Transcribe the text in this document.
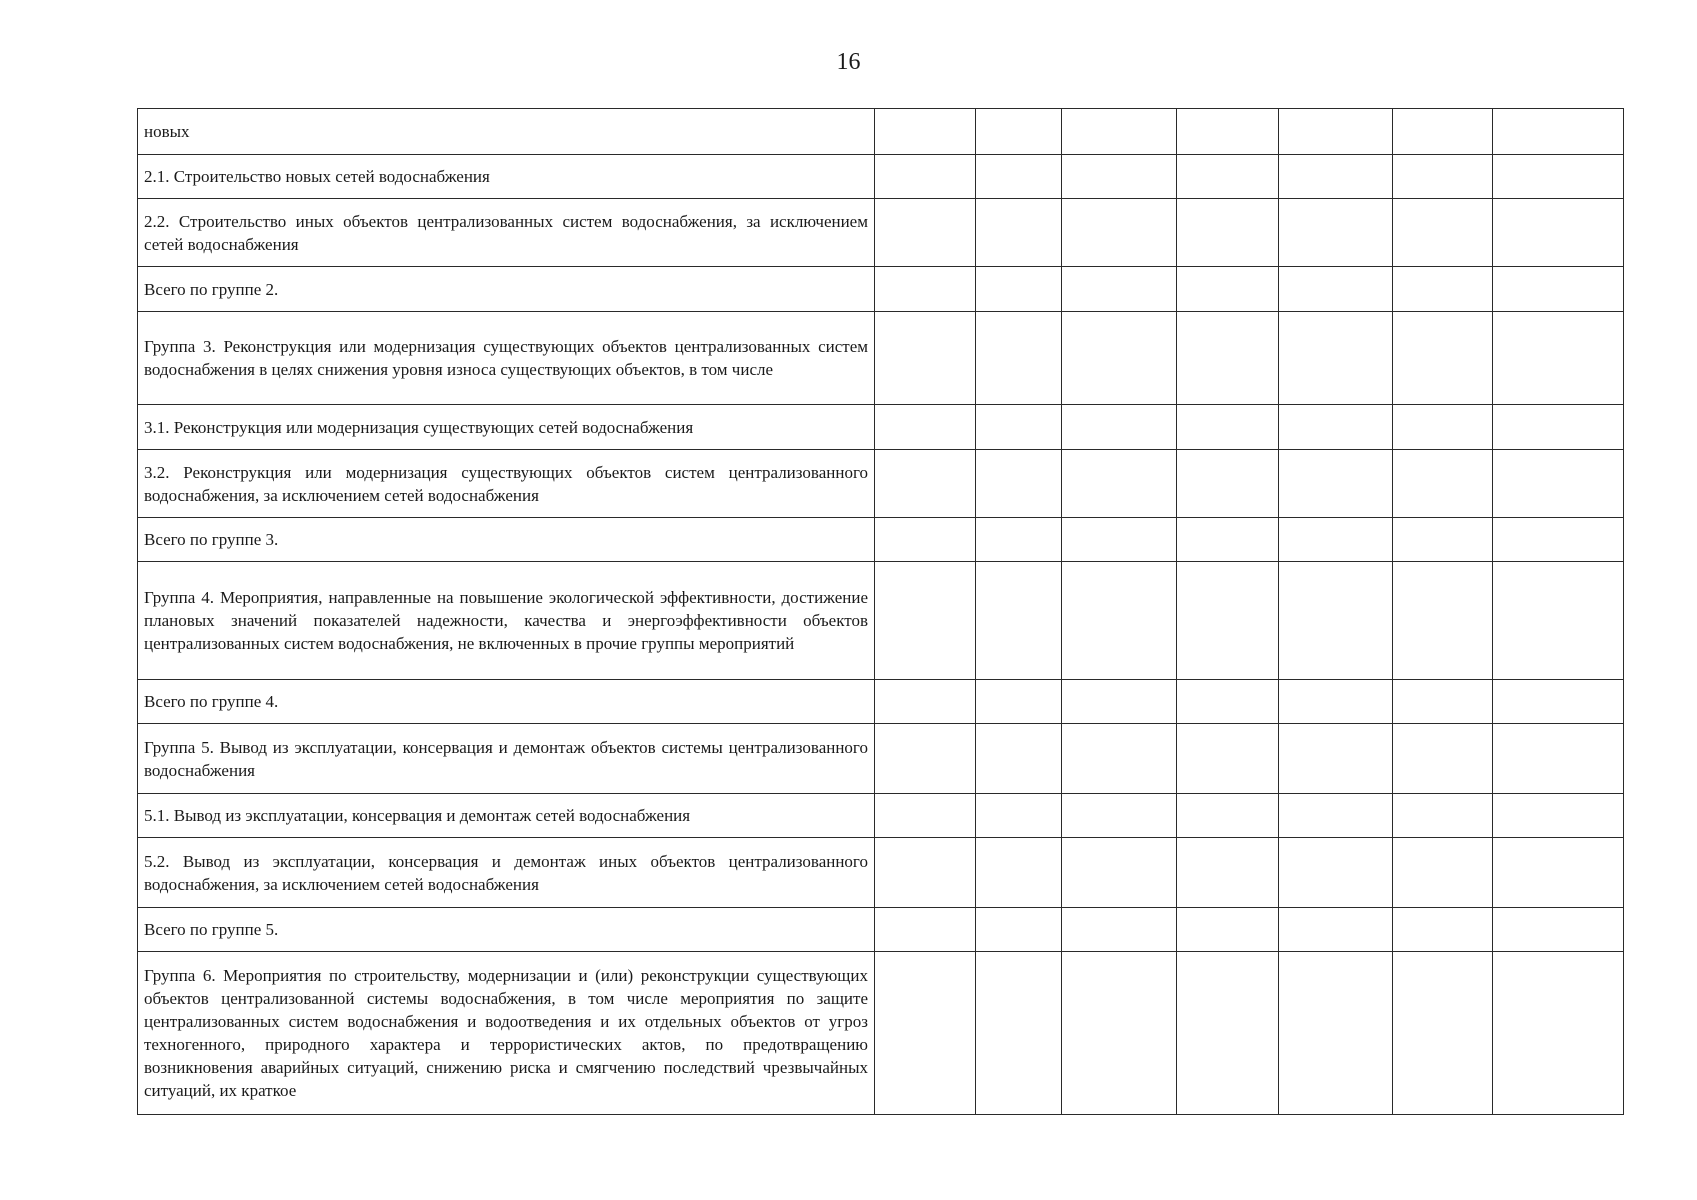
16
новых							

2.1. Строительство новых сетей водоснабжения							

2.2. Строительство иных объектов централизованных систем водоснабжения, за исключением сетей водоснабжения							

Всего по группе 2.							

Группа 3. Реконструкция или модернизация существующих объектов централизованных систем водоснабжения в целях снижения уровня износа существующих объектов, в том числе							

3.1. Реконструкция или модернизация существующих сетей водоснабжения							

3.2. Реконструкция или модернизация существующих объектов систем централизованного водоснабжения, за исключением сетей водоснабжения							

Всего по группе 3.							

Группа 4. Мероприятия, направленные на повышение экологической эффективности, достижение плановых значений показателей надежности, качества и энергоэффективности объектов централизованных систем водоснабжения, не включенных в прочие группы мероприятий							

Всего по группе 4.							

Группа 5. Вывод из эксплуатации, консервация и демонтаж объектов системы централизованного водоснабжения							

5.1. Вывод из эксплуатации, консервация и демонтаж сетей водоснабжения							

5.2. Вывод из эксплуатации, консервация и демонтаж иных объектов централизованного водоснабжения, за исключением сетей водоснабжения							

Всего по группе 5.							

Группа 6. Мероприятия по строительству, модернизации и (или) реконструкции существующих объектов централизованной системы водоснабжения, в том числе мероприятия по защите централизованных систем водоснабжения и водоотведения и их отдельных объектов от угроз техногенного, природного характера и террористических актов, по предотвращению возникновения аварийных ситуаций, снижению риска и смягчению последствий чрезвычайных ситуаций, их краткое							
